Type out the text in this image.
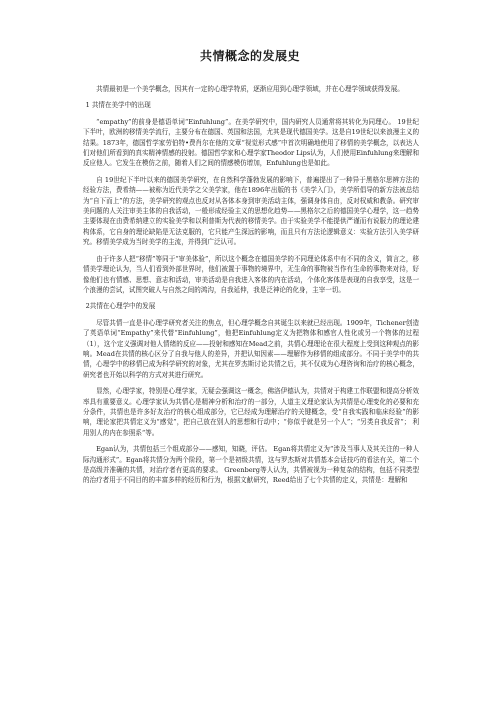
共情概念的发展史

共情最初是一个美学概念，因其有一定的心理学特质，逐渐应用到心理学领域，并在心理学领域获得发展。

1 共情在美学中的出现

“empathy”的前身是德语单词“Einfuhlung”。在美学研究中，国内研究人员通常将其转化为同理心。 19世纪下半叶，欧洲的移情美学流行，主要分布在德国、英国和法国，尤其是现代德国美学。这是自19世纪以来浪漫主义的结果。1873年，德国哲学家劳伯特•费肖尔在他的文章“视觉形式感”中首次明确地使用了移情的美学概念，以表达人们对他们所看到的真实精神情感的投射。德国哲学家和心理学家Theodor Lips认为，人们使用Einfuhlung来理解和反应他人。它发生在模仿之前，随着人们之间的情感模仿增加，Enfuhlung也是如此。

自 19世纪下半叶以来的德国美学研究，在自然科学蓬勃发展的影响下，普遍提出了一种异于黑格尔思辨方法的经验方法，费希纳——被称为近代美学之父美学家，他在1896年出版的书《美学入门》，美学所倡导的新方法被总结为“自下而上”的方法，美学研究的观点也反对从各体本身到审美活动主体，强调身体自由，反对权威和教条。研究审美问题的人关注审美主体的自我活动，一般形成经验主义的思想化趋势——黑格尔之后的德国美学心理学，这一趋势主要体现在由费希纳建立的实验美学和以利普斯为代表的移情美学。由于实验美学不能提供严谨而有说服力的理论建构体系，它自身的理论缺陷是无法克服的，它只能产生深远的影响，而且只有方法论逻辑意义：实验方法引入美学研究。移情美学成为当时美学的主流，并得到广泛认可。

由于许多人把“移情”等同于“审美体验”，所以这个概念在德国美学的不同理论体系中有不同的含义，简言之，移情美学理论认为，当人们看到外部世界时，他们被置于事物的境界中，无生命的事物被当作有生命的事物来对待，好像他们也有情感、思想、意志和活动，审美活动是自我进入客体的内在活动，个体化客体是表现的自我享受，这是一个浪漫的尝试，试图突破人与自然之间的鸿沟，自我延伸，我是泛神论的化身，主宰一切。

2共情在心理学中的发展

尽管共情一直是非心理学研究者关注的焦点，但心理学概念自其诞生以来就已经出现。1909年，Tichener创造了英语单词“Empathy”来代替“Einfuhlung”，他把Einfuhlung定义为把物体和感官人性化或另一个物体的过程（1），这个定义强调对他人情绪的反应——投射和感知在Mead之前，共情心理理论在很大程度上受到这种观点的影响。Mead在共情的核心区分了自我与他人的差异，并把认知因素——理解作为移情的组成部分。不同于美学中的共情，心理学中的移情已成为科学研究的对象，尤其在罗杰斯讨论共情之后，其不仅成为心理咨询和治疗的核心概念，研究者也开始以科学的方式对其进行研究。

显然，心理学家，特别是心理学家，无疑会强调这一概念，佛洛伊德认为，共情对于构建工作联盟和提高分析效率具有重要意义。心理学家认为共情心是精神分析和治疗的一部分，人道主义理论家认为共情是心理变化的必要和充分条件，共情也是许多好友治疗的核心组成部分，它已经成为理解治疗的关键概念，受“自我实践和临床经验”的影响，理论家把共情定义为“感觉”，把自己放在别人的思想和行动中；“你似乎就是另一个人”；“另类自我反省”； 利用别人的内在参照系“等。

Egan认为，共情包括三个组成部分——感知，知晓，评估。 Egan将共情定义为“涉及当事人及其关注的一种人际沟通形式”。Egan将共情分为两个阶段，第一个是初级共情，这与罗杰斯对共情基本会话技巧的看法有关，第二个是高级并准确的共情，对治疗者有更高的要求。 Greenberg等人认为，共情被视为一种复杂的结构，包括不同类型的治疗者用于不同目的的丰富多样的经历和行为，根据文献研究，Reed给出了七个共情的定义，共情是：理解和
